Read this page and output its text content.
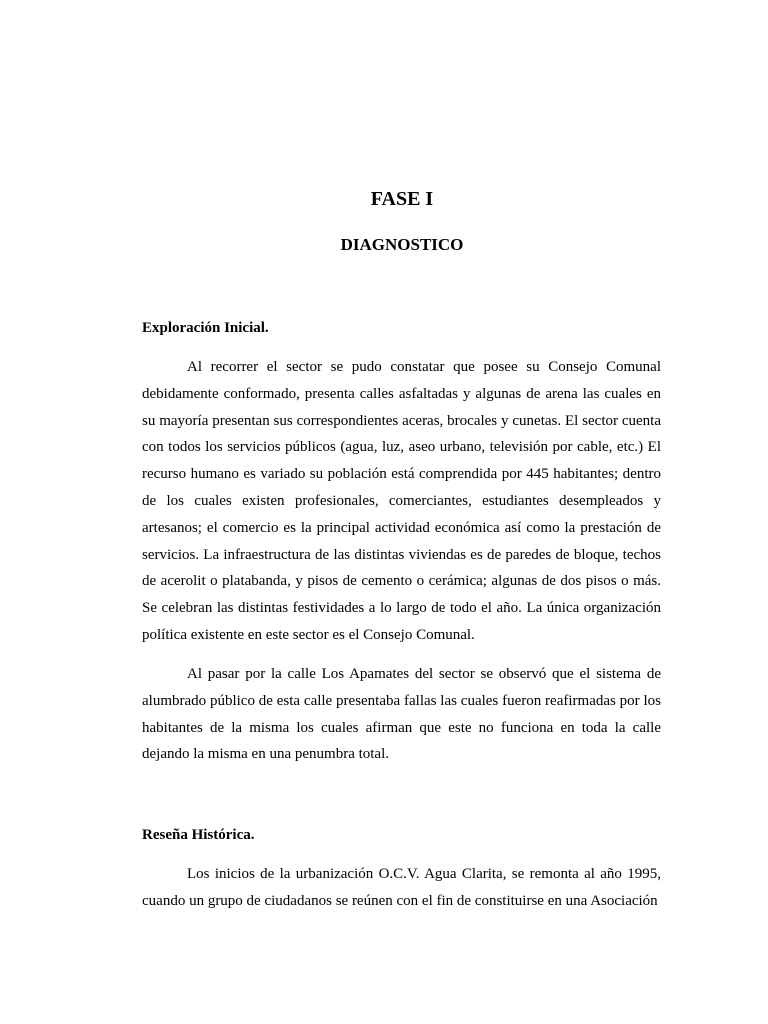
FASE I
DIAGNOSTICO
Exploración Inicial.

Al recorrer el sector se pudo constatar que posee su Consejo Comunal debidamente conformado, presenta calles asfaltadas y algunas de arena las cuales en su mayoría presentan sus correspondientes aceras, brocales y cunetas. El sector cuenta con todos los servicios públicos (agua, luz, aseo urbano, televisión por cable, etc.) El recurso humano es variado su población está comprendida por 445 habitantes; dentro de los cuales existen profesionales, comerciantes, estudiantes desempleados y artesanos; el comercio es la principal actividad económica así como la prestación de servicios. La infraestructura de las distintas viviendas es de paredes de bloque, techos de acerolit o platabanda, y pisos de cemento o cerámica; algunas de dos pisos o más. Se celebran las distintas festividades a lo largo de todo el año. La única organización política existente en este sector es el Consejo Comunal.

Al pasar por la calle Los Apamates del sector se observó que el sistema de alumbrado público de esta calle presentaba fallas las cuales fueron reafirmadas por los habitantes de la misma los cuales afirman que este no funciona en toda la calle dejando la misma en una penumbra total.

Reseña Histórica.

Los inicios de la urbanización O.C.V. Agua Clarita, se remonta al año 1995, cuando un grupo de ciudadanos se reúnen con el fin de constituirse en una Asociación
